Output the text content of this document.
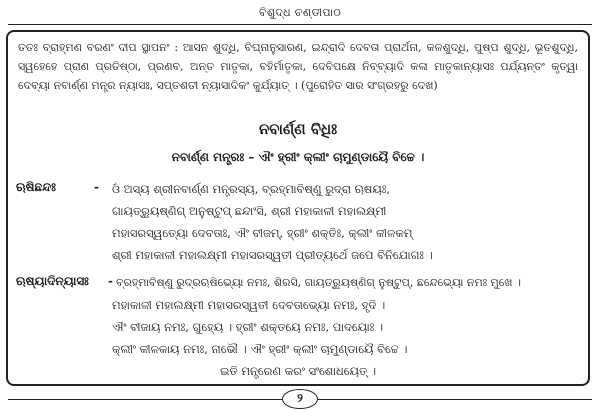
ବିଶୁଦ୍ଧ ଚଣ୍ଡୀପାଠ
ତତଃ ବ୍ରାହ୍ମଣ ବରଣଂ ଦୀପ ସ୍ଥାପନଂ : ଆସନ ଶୁଦ୍ଧି, ବିଘ୍ନାନୁସାରଣ, ଇନ୍ଦ୍ରାଦି ଦେବତା ପ୍ରାର୍ଥନା, କଳଶୁଦ୍ଧି, ପୁଷ୍ପ ଶୁଦ୍ଧି, ଭୂତଶୁଦ୍ଧି, ସ୍ୱହେହେ ପ୍ରାଣ ପ୍ରତିଷ୍ଠା, ପ୍ରଣବ, ଅନ୍ତ ମାତୃକା, ବହିର୍ମାତୃକା, ଦେବିପକ୍ଷେ ନିବ୍ବ୍ୟାଦି କଳା ମାତୃକାନ୍ୟାସଃ ପର୍ଯ୍ୟନ୍ତଂ କୃତ୍ୱା ଦେବ୍ୟା ନବାର୍ଣ୍ଣ ମନ୍ତ୍ର ନ୍ୟାସଃ, ସପ୍ତଶତୀ ନ୍ୟାସାଦିକଂ କୁର୍ଯ୍ୟାତ୍ । (ପୁରୋହିତ ସାର ସଂଗ୍ରହରୁ ଦେଖ)
ନବାର୍ଣ୍ଣ ବିଧିଃ
ନବାର୍ଣ୍ଣ ମନ୍ତ୍ରଃ – ଐଂ ହ୍ରୀଂ କ୍ଲୀଂ ଚାମୁଣ୍ଡାୟୈ ବିଚ୍ଚେ ।
ଋଷିଛନ୍ଦଃ	- ଓଁ ଅସ୍ୟ ଶ୍ରୀନବାର୍ଣ୍ଣ ମନ୍ତ୍ରସ୍ୟ, ବ୍ରହ୍ମାବିଷ୍ଣୁ ରୁଦ୍ରା ଋଷୟଃ,
ଗାୟତ୍ର୍ୟୁଷ୍ଣିଗ୍ ଅନୁଷ୍ଟୁପ୍ ଛନ୍ଦାଂସି, ଶ୍ରୀ ମହାକାଳୀ ମହାଲକ୍ଷ୍ମୀ
ମହାସରସ୍ୱତ୍ୟୋ ଦେବତାଃ, ଐଂ ବୀଜମ୍, ହ୍ରୀଂ ଶକ୍ତିଃ, କ୍ଲୀଂ କୀଳକମ୍
ଶ୍ରୀ ମହାକାଳୀ ମହାଲକ୍ଷ୍ମୀ ମହାସରସ୍ୱତୀ ପ୍ରୀତ୍ୟର୍ଥେ ଜପେ ବିନିଯୋଗଃ ।
ଋଷ୍ୟାଦିନ୍ୟାସଃ - ବ୍ରହ୍ମାବିଷ୍ଣୁ ରୁଦ୍ରଋଷିଭ୍ୟୋ ନମଃ, ଶିରସି, ଗାୟତ୍ର୍ୟୁଷ୍ଣିଗ୍ ନୁଷ୍ଟୁପ୍, ଛନ୍ଦେଭ୍ୟୋ ନମଃ ମୁଖେ ।
ମହାକାଳୀ ମହାଲକ୍ଷ୍ମୀ ମହାସରସ୍ୱତୀ ଦେବତାଭ୍ୟୋ ନମଃ, ହୃଦି ।
ଐଂ ବୀଜାୟ ନମଃ, ଗୁହ୍ୟେ । ହ୍ରୀଂ ଶକ୍ତୟେ ନମଃ, ପାଦୟୋଃ ।
କ୍ଲୀଂ କୀଳକାୟ ନମଃ, ନାଭୌ । ଐଂ ହ୍ରୀଂ କ୍ଲୀଂ ଚାମୁଣ୍ଡାୟୈ ବିଚ୍ଚେ ।
ଇତି ମନ୍ତ୍ରେଣ କରଂ ସଂଶୋଧୟେତ୍ ।
୨
